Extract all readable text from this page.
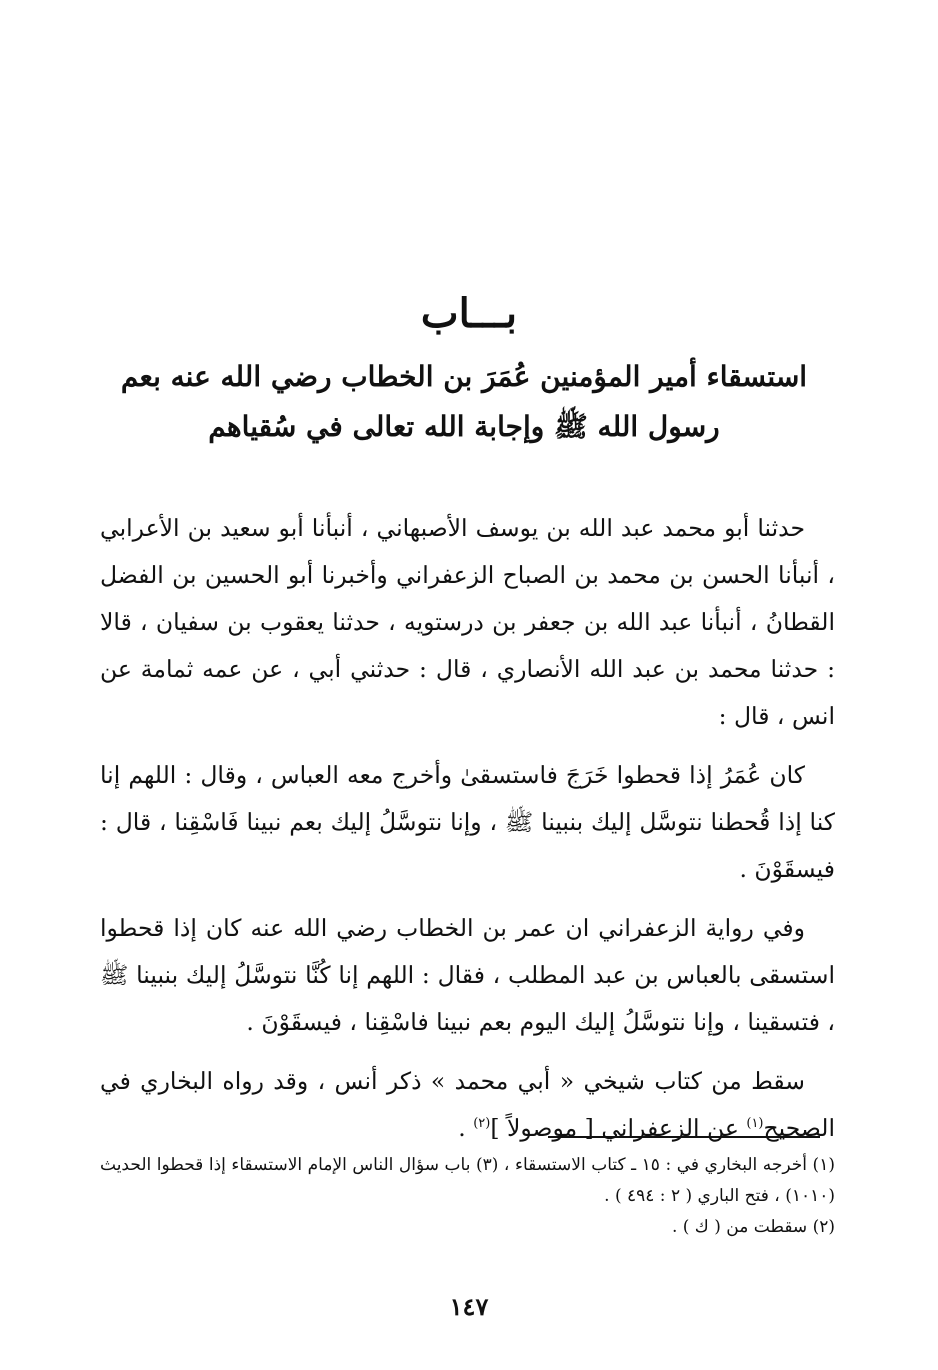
بـــاب
استسقاء أمير المؤمنين عُمَرَ بن الخطاب رضي الله عنه بعم رسول الله ﷺ وإجابة الله تعالى في سُقياهم

حدثنا أبو محمد عبد الله بن يوسف الأصبهاني ، أنبأنا أبو سعيد بن الأعرابي ، أنبأنا الحسن بن محمد بن الصباح الزعفراني وأخبرنا أبو الحسين بن الفضل القطانُ ، أنبأنا عبد الله بن جعفر بن درستويه ، حدثنا يعقوب بن سفيان ، قالا : حدثنا محمد بن عبد الله الأنصاري ، قال : حدثني أبي ، عن عمه ثمامة عن انس ، قال :

كان عُمَرُ إذا قحطوا خَرَجَ فاستسقىٰ وأخرج معه العباس ، وقال : اللهم إنا كنا إذا قُحطنا نتوسَّل إليك بنبينا ﷺ ، وإنا نتوسَّلُ إليك بعم نبينا فَاسْقِنا ، قال : فيسقَوْنَ .

وفي رواية الزعفراني ان عمر بن الخطاب رضي الله عنه كان إذا قحطوا استسقى بالعباس بن عبد المطلب ، فقال : اللهم إنا كُنَّا نتوسَّلُ إليك بنبينا ﷺ ، فتسقينا ، وإنا نتوسَّلُ إليك اليوم بعم نبينا فاسْقِنا ، فيسقَوْنَ .

سقط من كتاب شيخي « أبي محمد » ذكر أنس ، وقد رواه البخاري في الصحيح$^{(١)}$ عن الزعفراني [ موصولاً ]$^{(٢)}$ .

(١) أخرجه البخاري في : ١٥ ـ كتاب الاستسقاء ، (٣) باب سؤال الناس الإمام الاستسقاء إذا قحطوا الحديث (١٠١٠) ، فتح الباري ( ٢ : ٤٩٤ ) .

(٢) سقطت من ( ك ) .

١٤٧
